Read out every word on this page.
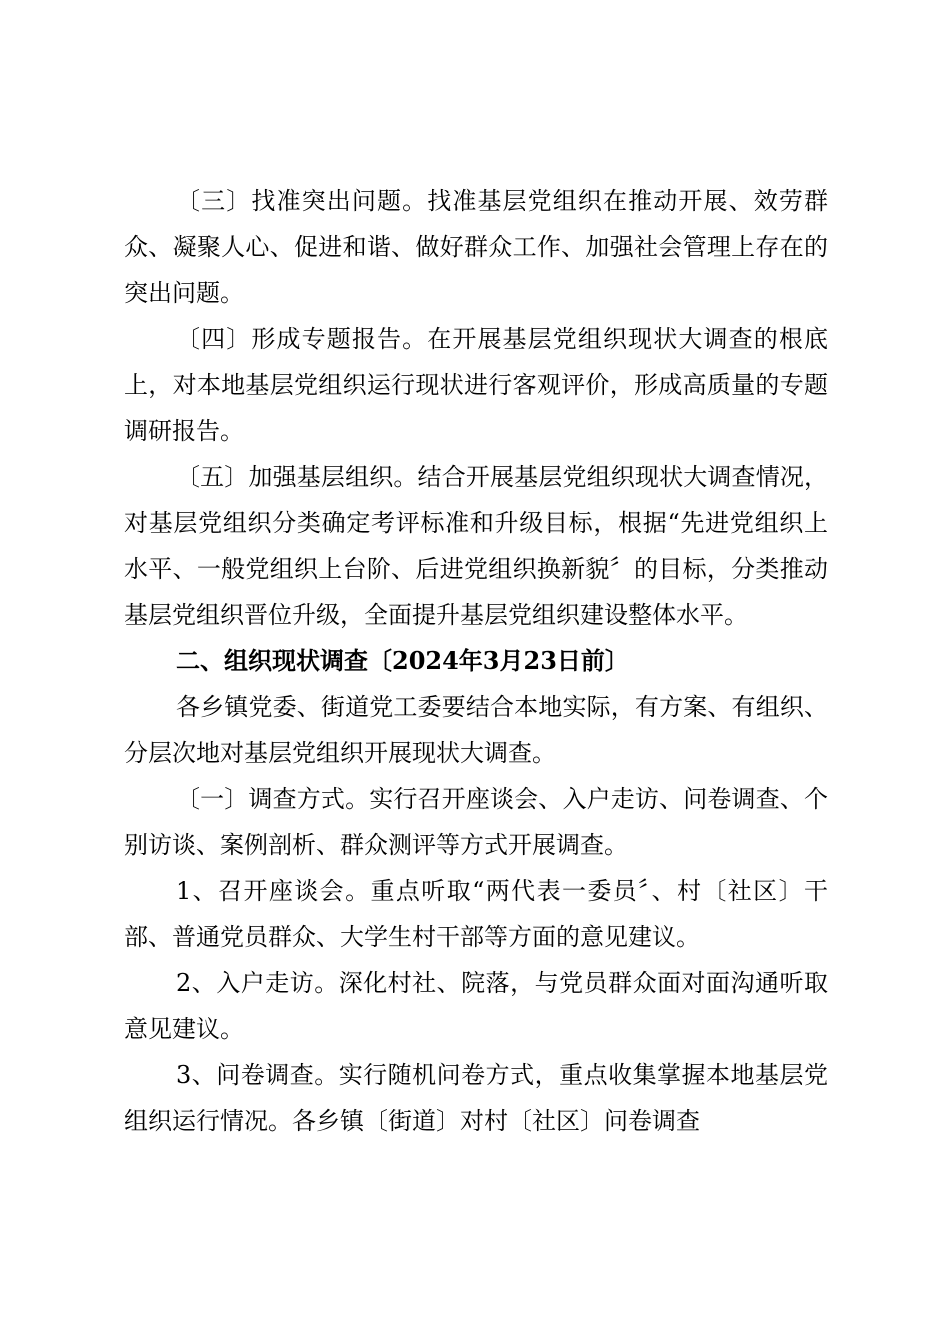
〔三〕找准突出问题。找准基层党组织在推动开展、效劳群众、凝聚人心、促进和谐、做好群众工作、加强社会管理上存在的突出问题。

〔四〕形成专题报告。在开展基层党组织现状大调查的根底上，对本地基层党组织运行现状进行客观评价，形成高质量的专题调研报告。

〔五〕加强基层组织。结合开展基层党组织现状大调查情况，对基层党组织分类确定考评标准和升级目标，根据“先进党组织上水平、一般党组织上台阶、后进党组织换新貌〞的目标，分类推动基层党组织晋位升级，全面提升基层党组织建设整体水平。

二、组织现状调查〔2024年3月23日前〕

各乡镇党委、街道党工委要结合本地实际，有方案、有组织、分层次地对基层党组织开展现状大调查。

〔一〕调查方式。实行召开座谈会、入户走访、问卷调查、个别访谈、案例剖析、群众测评等方式开展调查。

1、召开座谈会。重点听取“两代表一委员〞、村〔社区〕干部、普通党员群众、大学生村干部等方面的意见建议。

2、入户走访。深化村社、院落，与党员群众面对面沟通听取意见建议。

3、问卷调查。实行随机问卷方式，重点收集掌握本地基层党组织运行情况。各乡镇〔街道〕对村〔社区〕问卷调查
